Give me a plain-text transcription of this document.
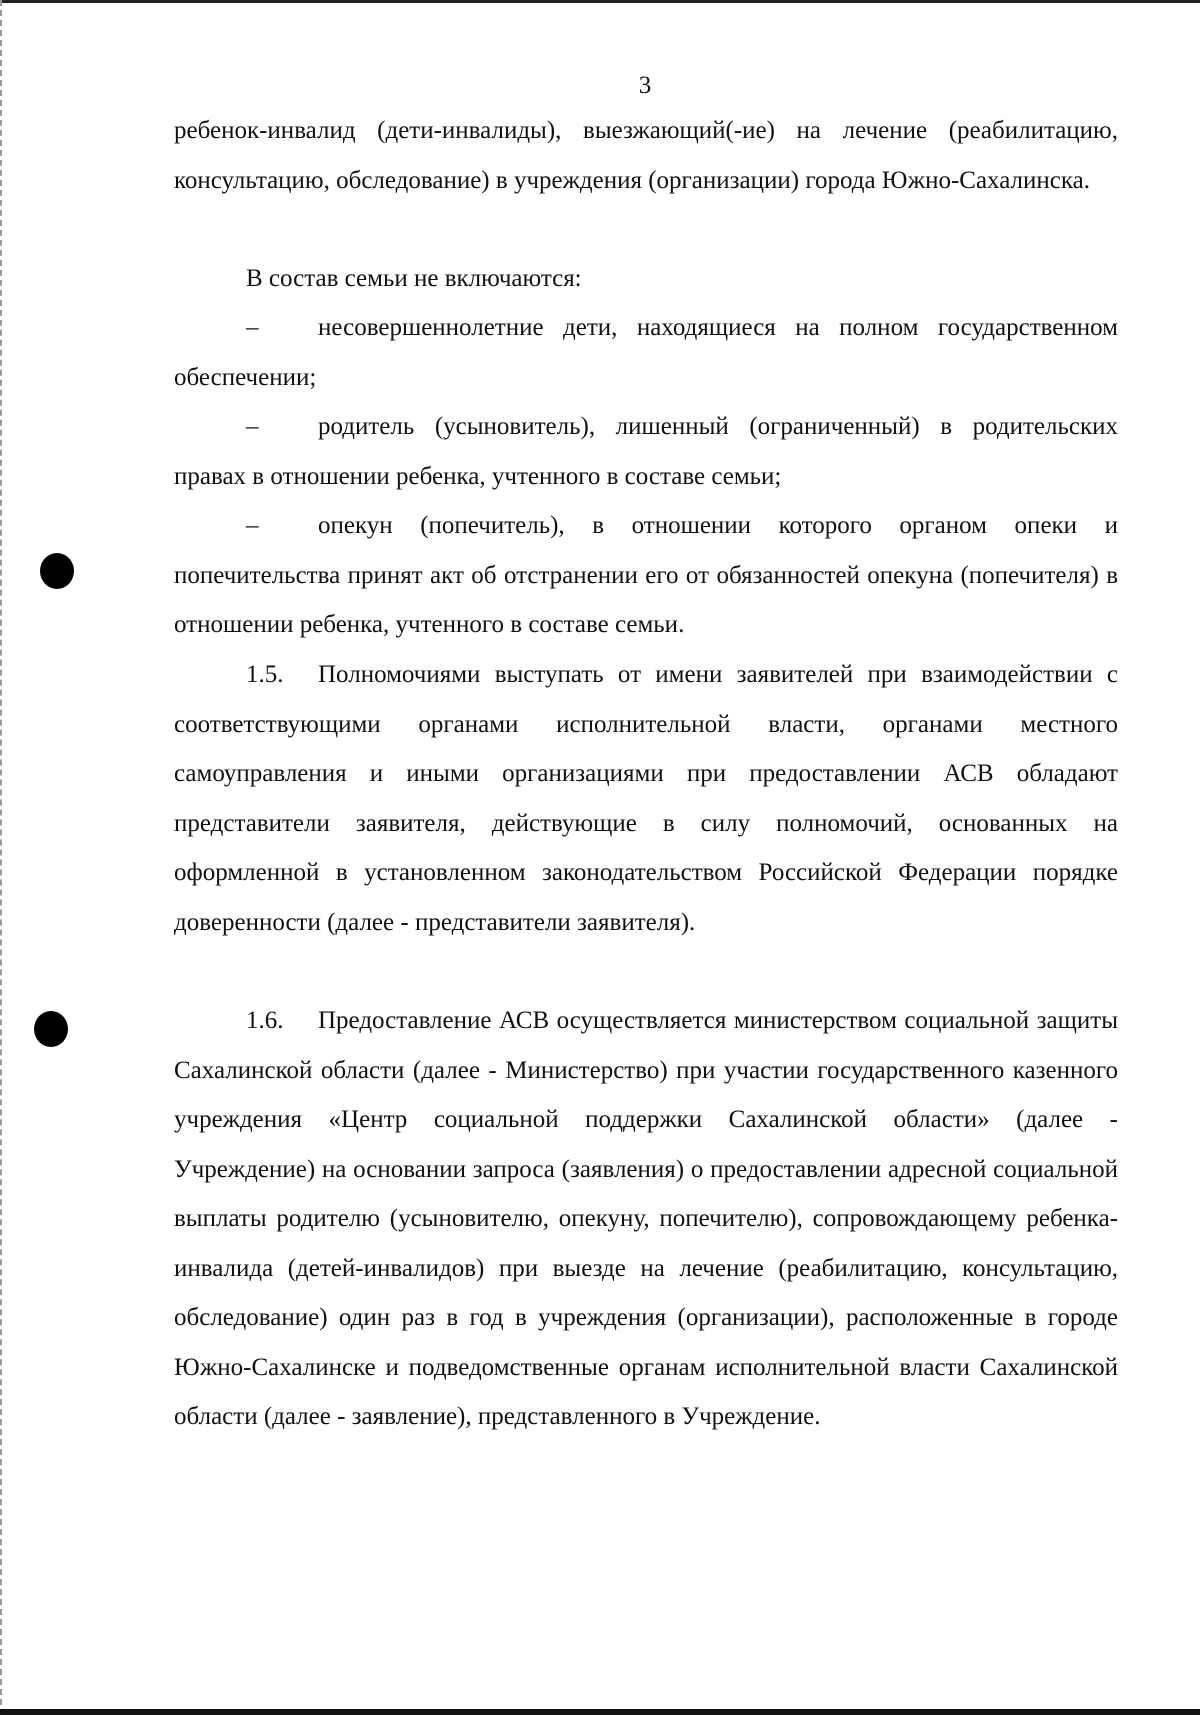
3

ребенок-инвалид (дети-инвалиды), выезжающий(-ие) на лечение (реабилитацию, консультацию, обследование) в учреждения (организации) города Южно-Сахалинска.

В состав семьи не включаются:

– несовершеннолетние дети, находящиеся на полном государственном обеспечении;

– родитель (усыновитель), лишенный (ограниченный) в родительских правах в отношении ребенка, учтенного в составе семьи;

– опекун (попечитель), в отношении которого органом опеки и попечительства принят акт об отстранении его от обязанностей опекуна (попечителя) в отношении ребенка, учтенного в составе семьи.

1.5. Полномочиями выступать от имени заявителей при взаимодействии с соответствующими органами исполнительной власти, органами местного самоуправления и иными организациями при предоставлении АСВ обладают представители заявителя, действующие в силу полномочий, основанных на оформленной в установленном законодательством Российской Федерации порядке доверенности (далее - представители заявителя).

1.6. Предоставление АСВ осуществляется министерством социальной защиты Сахалинской области (далее - Министерство) при участии государственного казенного учреждения «Центр социальной поддержки Сахалинской области» (далее - Учреждение) на основании запроса (заявления) о предоставлении адресной социальной выплаты родителю (усыновителю, опекуну, попечителю), сопровождающему ребенка-инвалида (детей-инвалидов) при выезде на лечение (реабилитацию, консультацию, обследование) один раз в год в учреждения (организации), расположенные в городе Южно-Сахалинске и подведомственные органам исполнительной власти Сахалинской области (далее - заявление), представленного в Учреждение.
